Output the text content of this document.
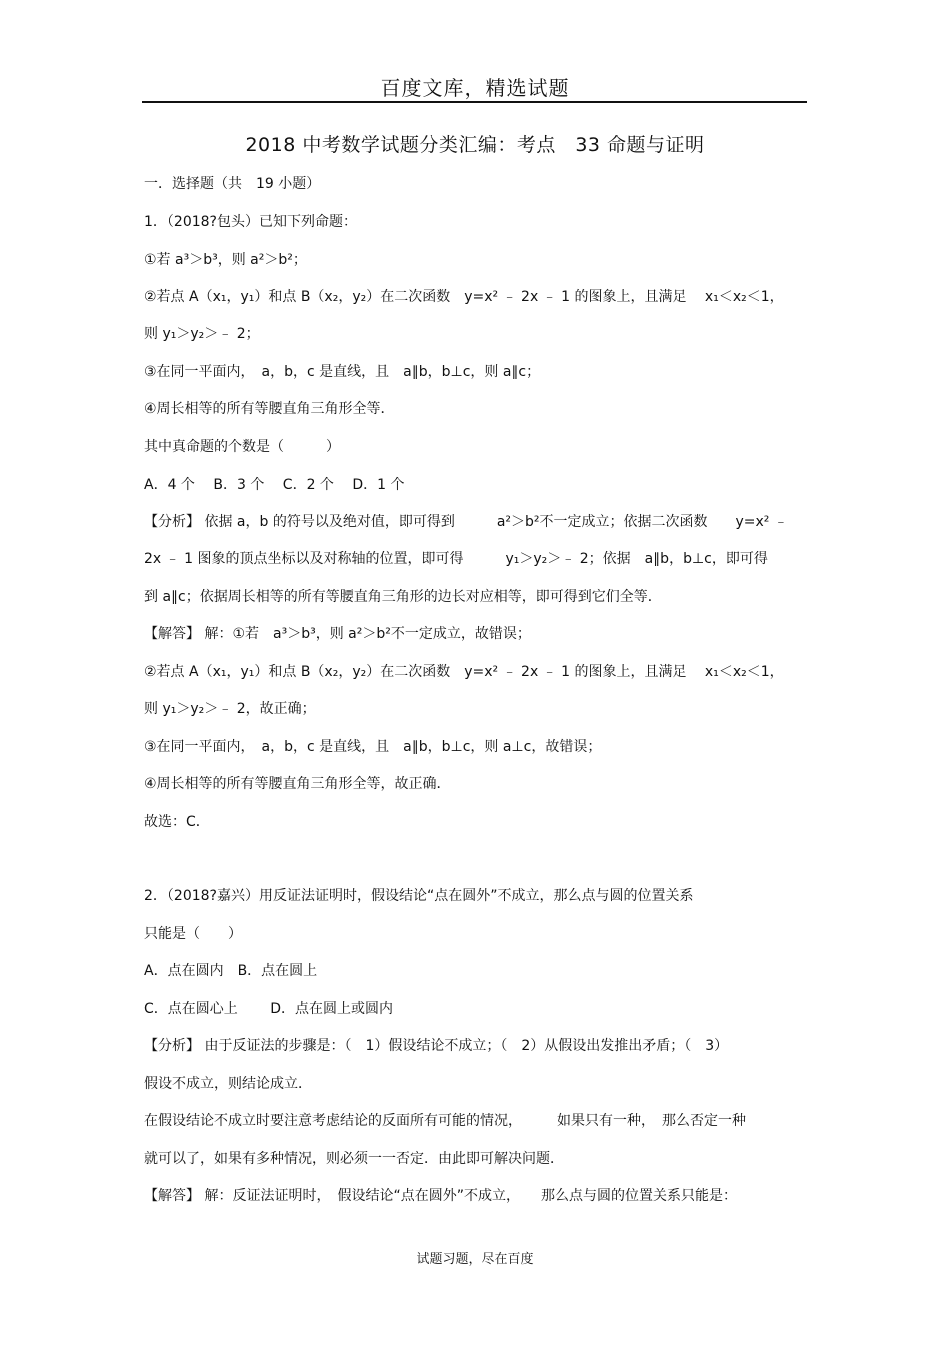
百度文库，精选试题
2018 中考数学试题分类汇编：考点　33 命题与证明
一．选择题（共　19 小题）
1．（2018?包头）已知下列命题：
①若 a³＞b³，则 a²＞b²；
②若点 A（x₁，y₁）和点 B（x₂，y₂）在二次函数　y=x² ﹣ 2x ﹣ 1 的图象上，且满足　 x₁＜x₂＜1，
则 y₁＞y₂＞﹣ 2；
③在同一平面内，　a，b，c 是直线，且　a∥b，b⊥c，则 a∥c；
④周长相等的所有等腰直角三角形全等．
其中真命题的个数是（　　　）
A．4 个　 B．3 个　 C．2 个　 D．1 个
【分析】 依据 a，b 的符号以及绝对值，即可得到　　　a²＞b²不一定成立；依据二次函数　　y=x² ﹣
2x ﹣ 1 图象的顶点坐标以及对称轴的位置，即可得　　　y₁＞y₂＞﹣ 2；依据　a∥b，b⊥c，即可得
到 a∥c；依据周长相等的所有等腰直角三角形的边长对应相等，即可得到它们全等．
【解答】 解：①若　a³＞b³，则 a²＞b²不一定成立，故错误；
②若点 A（x₁，y₁）和点 B（x₂，y₂）在二次函数　y=x² ﹣ 2x ﹣ 1 的图象上，且满足　 x₁＜x₂＜1，
则 y₁＞y₂＞﹣ 2，故正确；
③在同一平面内，　a，b，c 是直线，且　a∥b，b⊥c，则 a⊥c，故错误；
④周长相等的所有等腰直角三角形全等，故正确．
故选：C．
2．（2018?嘉兴）用反证法证明时，假设结论“点在圆外”不成立，那么点与圆的位置关系
只能是（　　）
A．点在圆内　B．点在圆上
C．点在圆心上　　 D．点在圆上或圆内
【分析】 由于反证法的步骤是：（　1）假设结论不成立；（　2）从假设出发推出矛盾；（　3）
假设不成立，则结论成立．
在假设结论不成立时要注意考虑结论的反面所有可能的情况，　　　如果只有一种，　那么否定一种
就可以了，如果有多种情况，则必须一一否定．由此即可解决问题．
【解答】 解：反证法证明时，　假设结论“点在圆外”不成立，　　那么点与圆的位置关系只能是：
试题习题，尽在百度
